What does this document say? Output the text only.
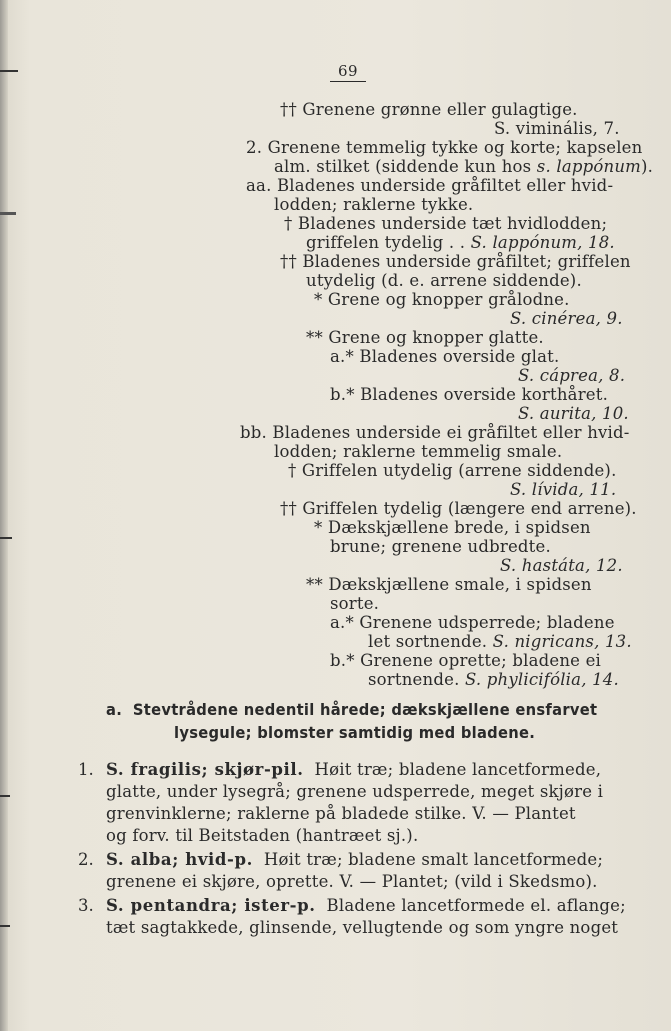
69
†† Grenene grønne eller gulagtige.
S. viminális, 7.
2. Grenene temmelig tykke og korte; kapselen
alm. stilket (siddende kun hos s. lappónum).
aa. Bladenes underside gråfiltet eller hvid-
lodden; raklerne tykke.
† Bladenes underside tæt hvidlodden;
griffelen tydelig . . S. lappónum, 18.
†† Bladenes underside gråfiltet; griffelen
utydelig (d. e. arrene siddende).
* Grene og knopper grålodne.
S. cinérea, 9.
** Grene og knopper glatte.
a.* Bladenes overside glat.
S. cáprea, 8.
b.* Bladenes overside korthåret.
S. aurita, 10.
bb. Bladenes underside ei gråfiltet eller hvid-
lodden; raklerne temmelig smale.
† Griffelen utydelig (arrene siddende).
S. lívida, 11.
†† Griffelen tydelig (længere end arrene).
* Dækskjællene brede, i spidsen
brune; grenene udbredte.
S. hastáta, 12.
** Dækskjællene smale, i spidsen
sorte.
a.* Grenene udsperrede; bladene
let sortnende. S. nigricans, 13.
b.* Grenene oprette; bladene ei
sortnende. S. phylicifólia, 14.
a. Stevtrådene nedentil hårede; dækskjællene ensfarvet
lysegule; blomster samtidig med bladene.
1. S. fragilis; skjør-pil. Høit træ; bladene lancetformede,
glatte, under lysegrå; grenene udsperrede, meget skjøre i
grenvinklerne; raklerne på bladede stilke. V. — Plantet
og forv. til Beitstaden (hantræet sj.).
2. S. alba; hvid-p. Høit træ; bladene smalt lancetformede;
grenene ei skjøre, oprette. V. — Plantet; (vild i Skedsmo).
3. S. pentandra; ister-p. Bladene lancetformede el. aflange;
tæt sagtakkede, glinsende, vellugtende og som yngre noget
